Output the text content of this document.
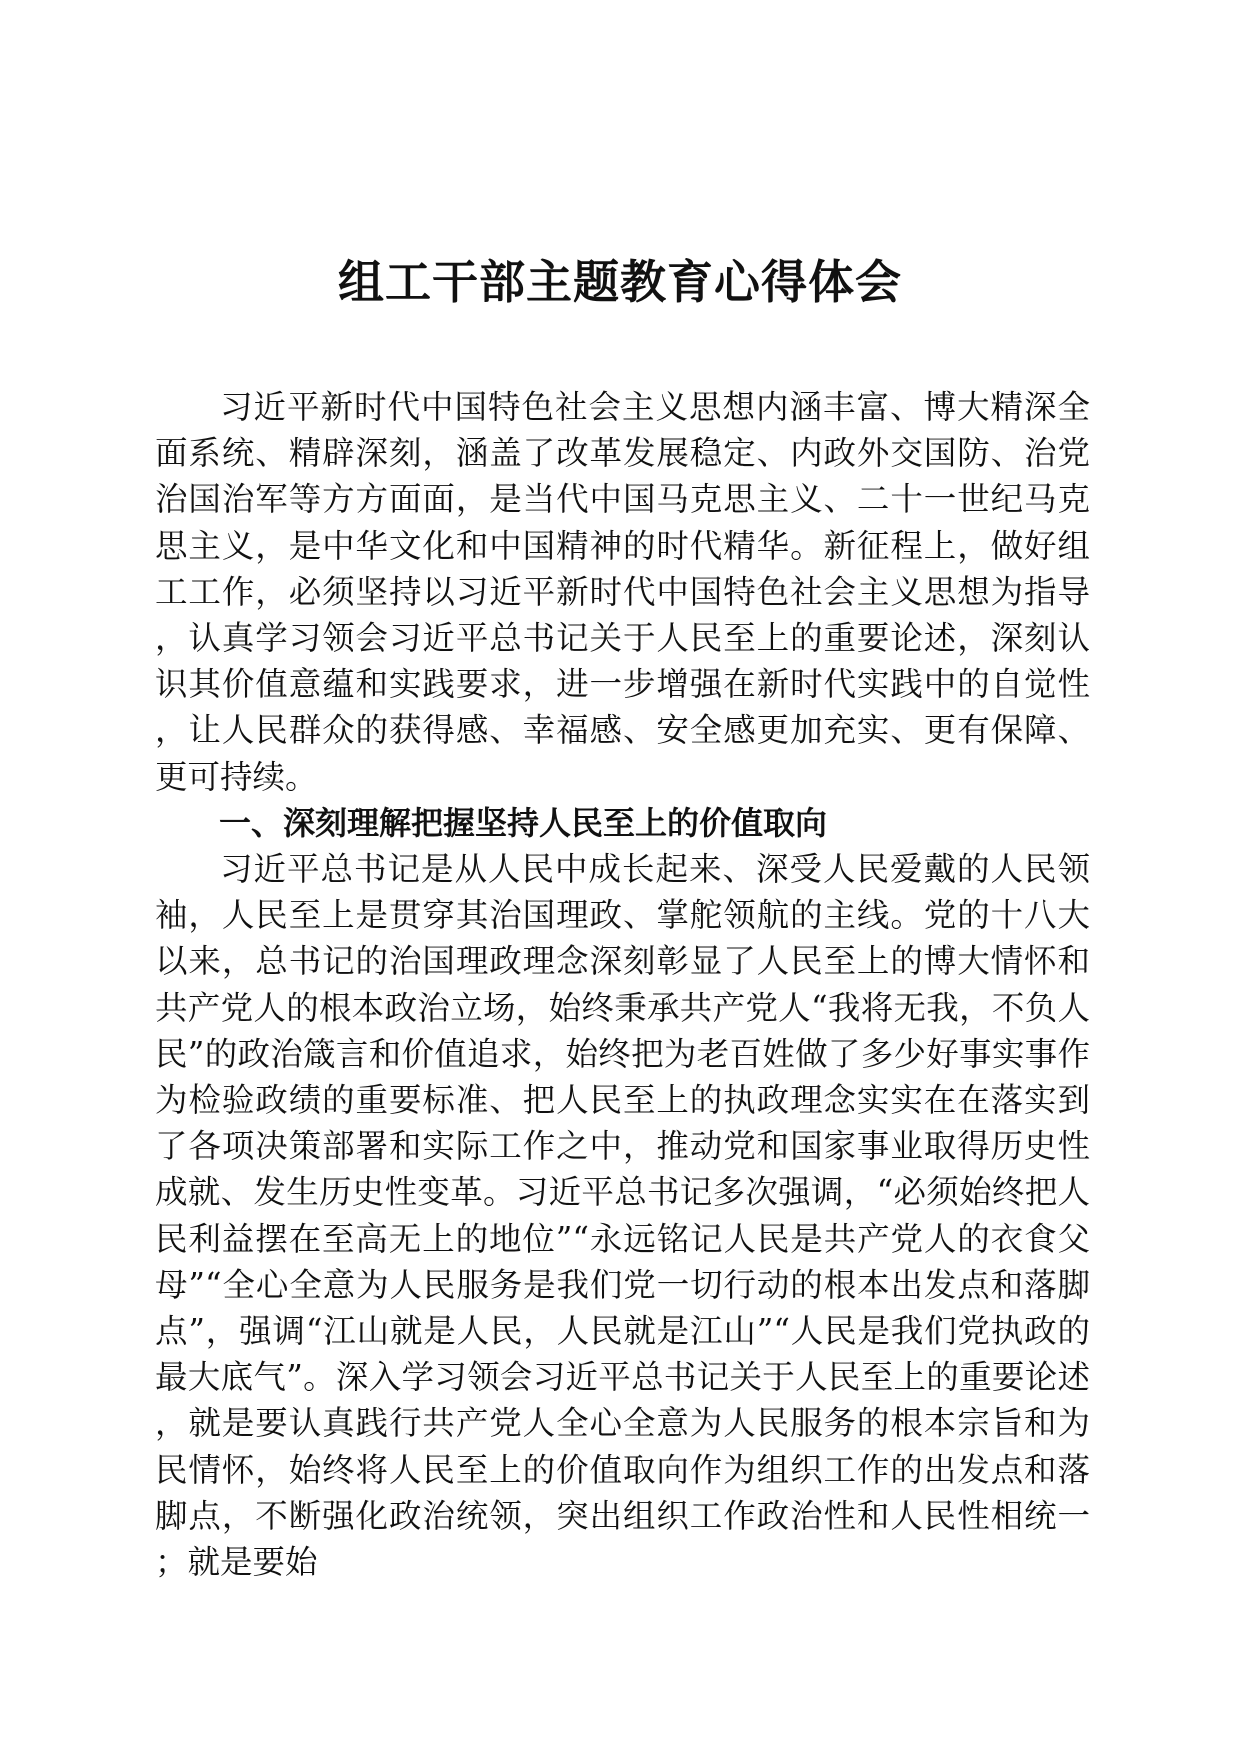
组工干部主题教育心得体会

习近平新时代中国特色社会主义思想内涵丰富、博大精深全面系统、精辟深刻，涵盖了改革发展稳定、内政外交国防、治党治国治军等方方面面，是当代中国马克思主义、二十一世纪马克思主义，是中华文化和中国精神的时代精华。新征程上，做好组工工作，必须坚持以习近平新时代中国特色社会主义思想为指导，认真学习领会习近平总书记关于人民至上的重要论述，深刻认识其价值意蕴和实践要求，进一步增强在新时代实践中的自觉性，让人民群众的获得感、幸福感、安全感更加充实、更有保障、更可持续。

一、深刻理解把握坚持人民至上的价值取向

习近平总书记是从人民中成长起来、深受人民爱戴的人民领袖，人民至上是贯穿其治国理政、掌舵领航的主线。党的十八大以来，总书记的治国理政理念深刻彰显了人民至上的博大情怀和共产党人的根本政治立场，始终秉承共产党人“我将无我，不负人民”的政治箴言和价值追求，始终把为老百姓做了多少好事实事作为检验政绩的重要标准、把人民至上的执政理念实实在在落实到了各项决策部署和实际工作之中，推动党和国家事业取得历史性成就、发生历史性变革。习近平总书记多次强调，“必须始终把人民利益摆在至高无上的地位”“永远铭记人民是共产党人的衣食父母”“全心全意为人民服务是我们党一切行动的根本出发点和落脚点”，强调“江山就是人民，人民就是江山”“人民是我们党执政的最大底气”。深入学习领会习近平总书记关于人民至上的重要论述，就是要认真践行共产党人全心全意为人民服务的根本宗旨和为民情怀，始终将人民至上的价值取向作为组织工作的出发点和落脚点，不断强化政治统领，突出组织工作政治性和人民性相统一；就是要始
